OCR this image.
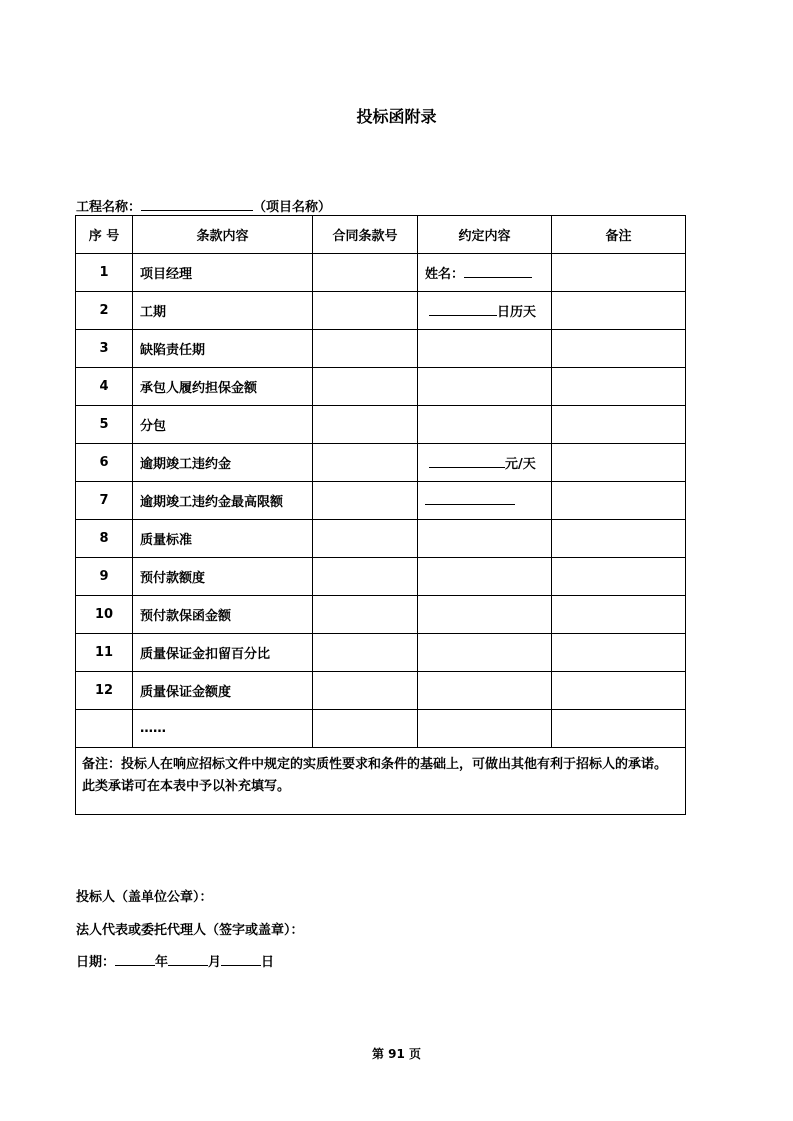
投标函附录
工程名称：	（项目名称）
序 号	条款内容	合同条款号	约定内容	备注
1	项目经理		姓名：	
2	工期		日历天	
3	缺陷责任期			
4	承包人履约担保金额			
5	分包			
6	逾期竣工违约金		元/天	
7	逾期竣工违约金最高限额			
8	质量标准			
9	预付款额度			
10	预付款保函金额			
11	质量保证金扣留百分比			
12	质量保证金额度			
	……			
备注：投标人在响应招标文件中规定的实质性要求和条件的基础上，可做出其他有利于招标人的承诺。此类承诺可在本表中予以补充填写。				
投标人（盖单位公章）：
法人代表或委托代理人（签字或盖章）：
日期：	年	月	日
第 91 页
